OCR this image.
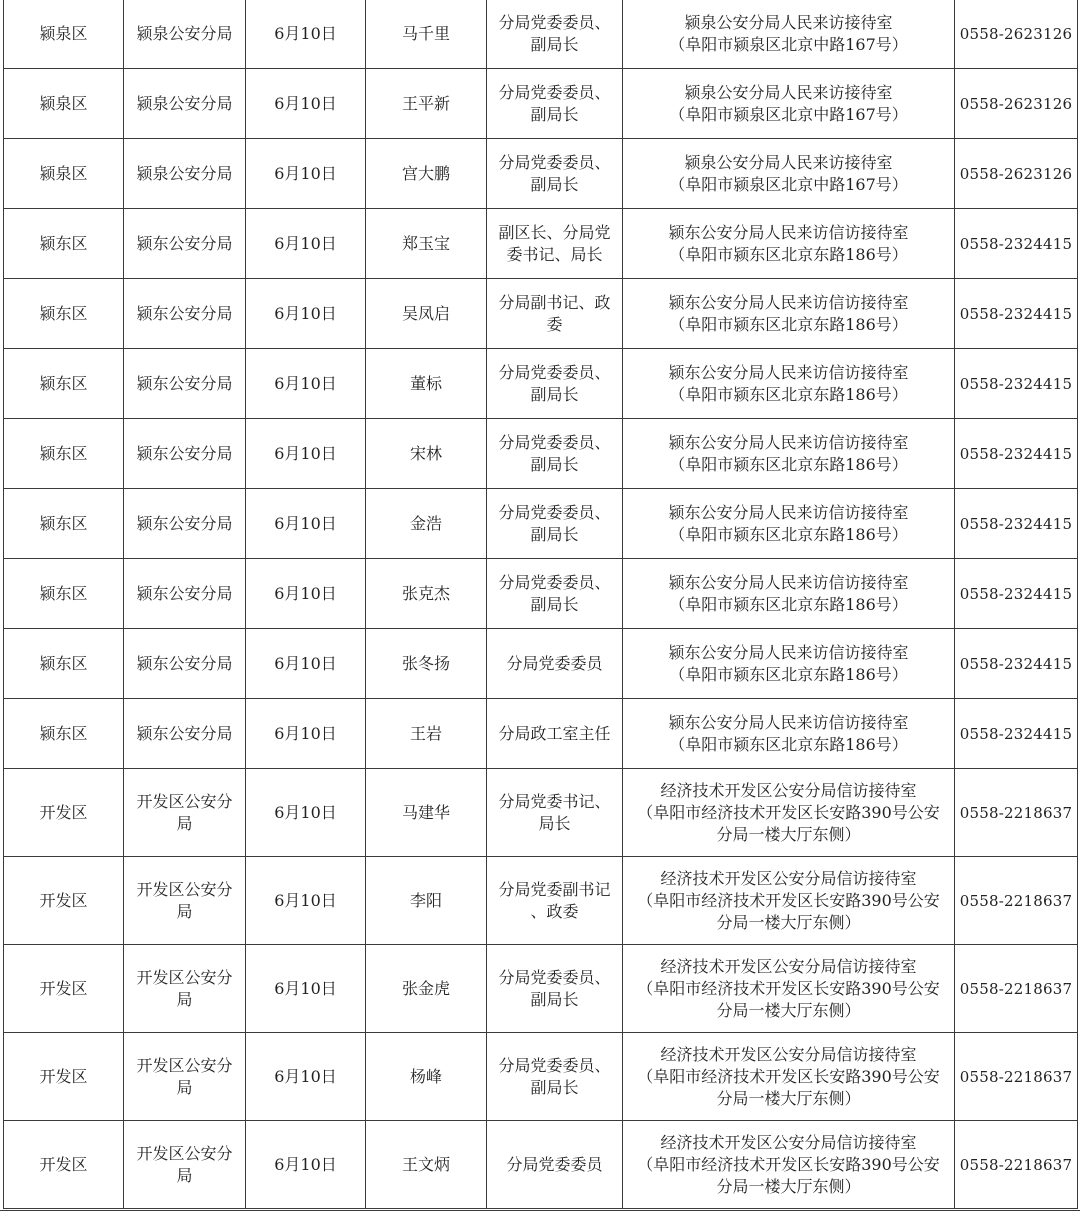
颍泉区	颍泉公安分局	6月10日	马千里	分局党委委员、
副局长	颍泉公安分局人民来访接待室
（阜阳市颍泉区北京中路167号）	0558-2623126
颍泉区	颍泉公安分局	6月10日	王平新	分局党委委员、
副局长	颍泉公安分局人民来访接待室
（阜阳市颍泉区北京中路167号）	0558-2623126
颍泉区	颍泉公安分局	6月10日	宫大鹏	分局党委委员、
副局长	颍泉公安分局人民来访接待室
（阜阳市颍泉区北京中路167号）	0558-2623126
颍东区	颍东公安分局	6月10日	郑玉宝	副区长、分局党
委书记、局长	颍东公安分局人民来访信访接待室
（阜阳市颍东区北京东路186号）	0558-2324415
颍东区	颍东公安分局	6月10日	吴凤启	分局副书记、政
委	颍东公安分局人民来访信访接待室
（阜阳市颍东区北京东路186号）	0558-2324415
颍东区	颍东公安分局	6月10日	董标	分局党委委员、
副局长	颍东公安分局人民来访信访接待室
（阜阳市颍东区北京东路186号）	0558-2324415
颍东区	颍东公安分局	6月10日	宋林	分局党委委员、
副局长	颍东公安分局人民来访信访接待室
（阜阳市颍东区北京东路186号）	0558-2324415
颍东区	颍东公安分局	6月10日	金浩	分局党委委员、
副局长	颍东公安分局人民来访信访接待室
（阜阳市颍东区北京东路186号）	0558-2324415
颍东区	颍东公安分局	6月10日	张克杰	分局党委委员、
副局长	颍东公安分局人民来访信访接待室
（阜阳市颍东区北京东路186号）	0558-2324415
颍东区	颍东公安分局	6月10日	张冬扬	分局党委委员	颍东公安分局人民来访信访接待室
（阜阳市颍东区北京东路186号）	0558-2324415
颍东区	颍东公安分局	6月10日	王岩	分局政工室主任	颍东公安分局人民来访信访接待室
（阜阳市颍东区北京东路186号）	0558-2324415
开发区	开发区公安分
局	6月10日	马建华	分局党委书记、
局长	经济技术开发区公安分局信访接待室
（阜阳市经济技术开发区长安路390号公安
分局一楼大厅东侧）	0558-2218637
开发区	开发区公安分
局	6月10日	李阳	分局党委副书记
、政委	经济技术开发区公安分局信访接待室
（阜阳市经济技术开发区长安路390号公安
分局一楼大厅东侧）	0558-2218637
开发区	开发区公安分
局	6月10日	张金虎	分局党委委员、
副局长	经济技术开发区公安分局信访接待室
（阜阳市经济技术开发区长安路390号公安
分局一楼大厅东侧）	0558-2218637
开发区	开发区公安分
局	6月10日	杨峰	分局党委委员、
副局长	经济技术开发区公安分局信访接待室
（阜阳市经济技术开发区长安路390号公安
分局一楼大厅东侧）	0558-2218637
开发区	开发区公安分
局	6月10日	王文炳	分局党委委员	经济技术开发区公安分局信访接待室
（阜阳市经济技术开发区长安路390号公安
分局一楼大厅东侧）	0558-2218637
